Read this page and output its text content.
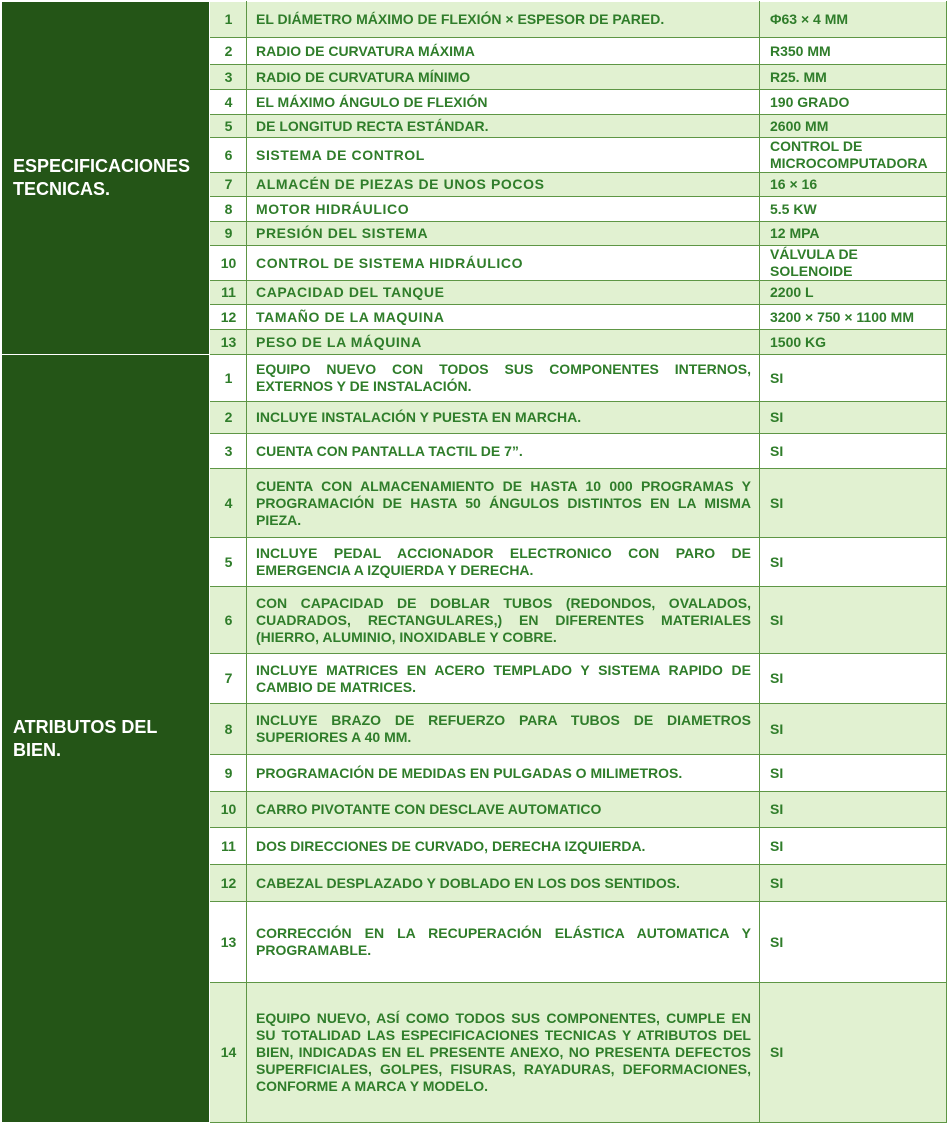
ESPECIFICACIONES TECNICAS.	1	EL DIÁMETRO MÁXIMO DE FLEXIÓN × ESPESOR DE PARED.	Φ63 × 4 MM
	2	RADIO DE CURVATURA MÁXIMA	R350 MM
	3	RADIO DE CURVATURA MÍNIMO	R25. MM
	4	EL MÁXIMO ÁNGULO DE FLEXIÓN	190 GRADO
	5	DE LONGITUD RECTA ESTÁNDAR.	2600 MM
	6	SISTEMA DE CONTROL	CONTROL DE MICROCOMPUTADORA
	7	ALMACÉN DE PIEZAS DE UNOS POCOS	16 × 16
	8	MOTOR HIDRÁULICO	5.5 KW
	9	PRESIÓN DEL SISTEMA	12 MPA
	10	CONTROL DE SISTEMA HIDRÁULICO	VÁLVULA DE SOLENOIDE
	11	CAPACIDAD DEL TANQUE	2200 L
	12	TAMAÑO DE LA MAQUINA	3200 × 750 × 1100 MM
	13	PESO DE LA MÁQUINA	1500 KG
ATRIBUTOS DEL BIEN.	1	EQUIPO NUEVO CON TODOS SUS COMPONENTES INTERNOS, EXTERNOS Y DE INSTALACIÓN.	SI
	2	INCLUYE INSTALACIÓN Y PUESTA EN MARCHA.	SI
	3	CUENTA CON PANTALLA TACTIL DE 7”.	SI
	4	CUENTA CON ALMACENAMIENTO DE HASTA 10 000 PROGRAMAS Y PROGRAMACIÓN DE HASTA 50 ÁNGULOS DISTINTOS EN LA MISMA PIEZA.	SI
	5	INCLUYE PEDAL ACCIONADOR ELECTRONICO CON PARO DE EMERGENCIA A IZQUIERDA Y DERECHA.	SI
	6	CON CAPACIDAD DE DOBLAR TUBOS (REDONDOS, OVALADOS, CUADRADOS, RECTANGULARES,) EN DIFERENTES MATERIALES (HIERRO, ALUMINIO, INOXIDABLE Y COBRE.	SI
	7	INCLUYE MATRICES EN ACERO TEMPLADO Y SISTEMA RAPIDO DE CAMBIO DE MATRICES.	SI
	8	INCLUYE BRAZO DE REFUERZO PARA TUBOS DE DIAMETROS SUPERIORES A 40 MM.	SI
	9	PROGRAMACIÓN DE MEDIDAS EN PULGADAS O MILIMETROS.	SI
	10	CARRO PIVOTANTE CON DESCLAVE AUTOMATICO	SI
	11	DOS DIRECCIONES DE CURVADO, DERECHA IZQUIERDA.	SI
	12	CABEZAL DESPLAZADO Y DOBLADO EN LOS DOS SENTIDOS.	SI
	13	CORRECCIÓN EN LA RECUPERACIÓN ELÁSTICA AUTOMATICA Y PROGRAMABLE.	SI
	14	EQUIPO NUEVO, ASÍ COMO TODOS SUS COMPONENTES, CUMPLE EN SU TOTALIDAD LAS ESPECIFICACIONES TECNICAS Y ATRIBUTOS DEL BIEN, INDICADAS EN EL PRESENTE ANEXO, NO PRESENTA DEFECTOS SUPERFICIALES, GOLPES, FISURAS, RAYADURAS, DEFORMACIONES, CONFORME A MARCA Y MODELO.	SI
